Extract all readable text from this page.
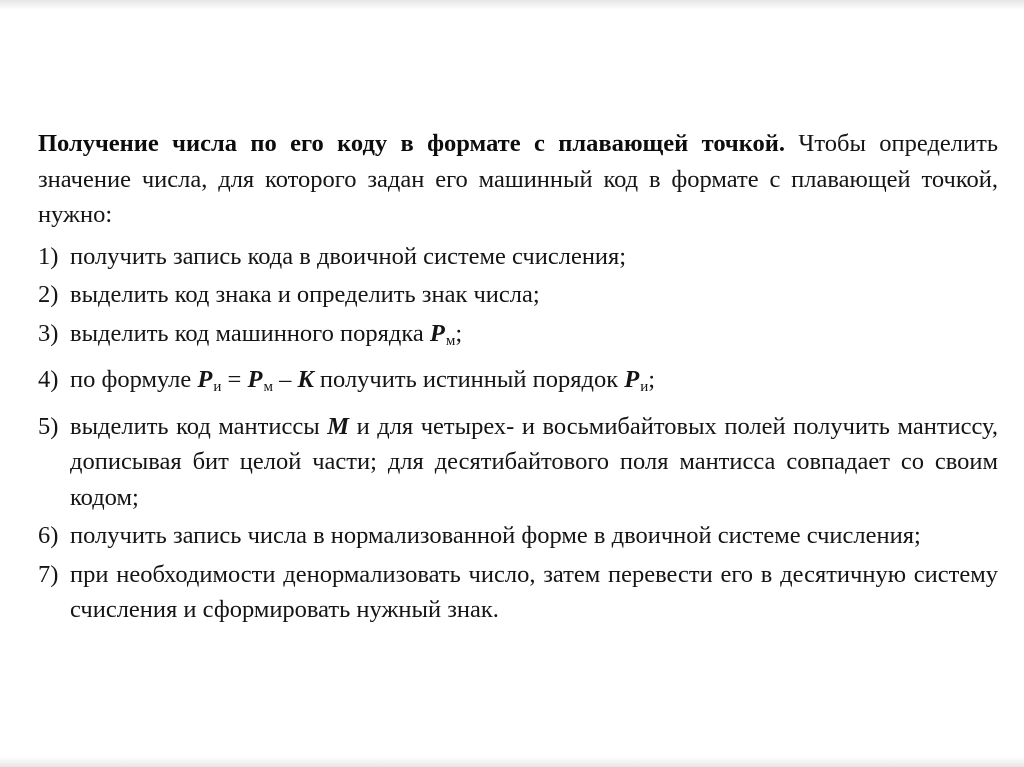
Получение числа по его коду в формате с плавающей точкой. Чтобы определить значение числа, для которого задан его машинный код в формате с плавающей точкой, нужно:

1) получить запись кода в двоичной системе счисления;
2) выделить код знака и определить знак числа;
3) выделить код машинного порядка $P_м$;
4) по формуле $P_и = P_м - K$ получить истинный порядок $P_и$;
5) выделить код мантиссы M и для четырех- и восьмибайтовых полей получить мантиссу, дописывая бит целой части; для десятибайтового поля мантисса совпадает со своим кодом;
6) получить запись числа в нормализованной форме в двоичной системе счисления;
7) при необходимости денормализовать число, затем перевести его в десятичную систему счисления и сформировать нужный знак.
